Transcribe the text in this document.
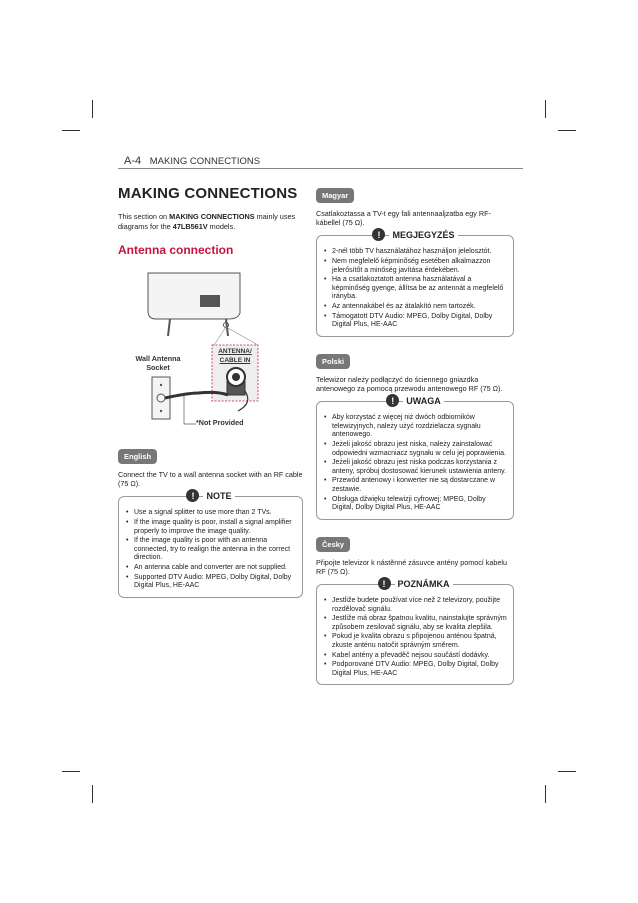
A-4 MAKING CONNECTIONS
MAKING CONNECTIONS

This section on MAKING CONNECTIONS mainly uses diagrams for the 47LB561V models.

Antenna connection
Wall Antenna
Socket
ANTENNA/
CABLE IN
*Not Provided
English

Connect the TV to a wall antenna socket with an RF cable (75 Ω).

!	NOTE
• Use a signal splitter to use more than 2 TVs.
• If the image quality is poor, install a signal amplifier properly to improve the image quality.
• If the image quality is poor with an antenna connected, try to realign the antenna in the correct direction.
• An antenna cable and converter are not supplied.
• Supported DTV Audio: MPEG, Dolby Digital, Dolby Digital Plus, HE-AAC
Magyar

Csatlakoztassa a TV-t egy fali antennaaljzatba egy RF-kábellel (75 Ω).

!	MEGJEGYZÉS
• 2-nél több TV használatához használjon jelelosztót.
• Nem megfelelő képminőség esetében alkalmazzon jelerősítőt a minőség javítása érdekében.
• Ha a csatlakoztatott antenna használatával a képminőség gyenge, állítsa be az antennát a megfelelő irányba.
• Az antennakábel és az átalakító nem tartozék.
• Támogatott DTV Audio: MPEG, Dolby Digital, Dolby Digital Plus, HE-AAC
Polski

Telewizor należy podłączyć do ściennego gniazdka antenowego za pomocą przewodu antenowego RF (75 Ω).

!	UWAGA
• Aby korzystać z więcej niż dwóch odbiorników telewizyjnych, należy użyć rozdzielacza sygnału antenowego.
• Jeżeli jakość obrazu jest niska, należy zainstalować odpowiedni wzmacniacz sygnału w celu jej poprawienia.
• Jeżeli jakość obrazu jest niska podczas korzystania z anteny, spróbuj dostosować kierunek ustawienia anteny.
• Przewód antenowy i konwerter nie są dostarczane w zestawie.
• Obsługa dźwięku telewizji cyfrowej: MPEG, Dolby Digital, Dolby Digital Plus, HE-AAC
Česky

Připojte televizor k nástěnné zásuvce antény pomocí kabelu RF (75 Ω).

!	POZNÁMKA
• Jestliže budete používat více než 2 televizory, použijte rozdělovač signálu.
• Jestliže má obraz špatnou kvalitu, nainstalujte správným způsobem zesilovač signálu, aby se kvalita zlepšila.
• Pokud je kvalita obrazu s připojenou anténou špatná, zkuste anténu natočit správným směrem.
• Kabel antény a převaděč nejsou součástí dodávky.
• Podporované DTV Audio: MPEG, Dolby Digital, Dolby Digital Plus, HE-AAC
